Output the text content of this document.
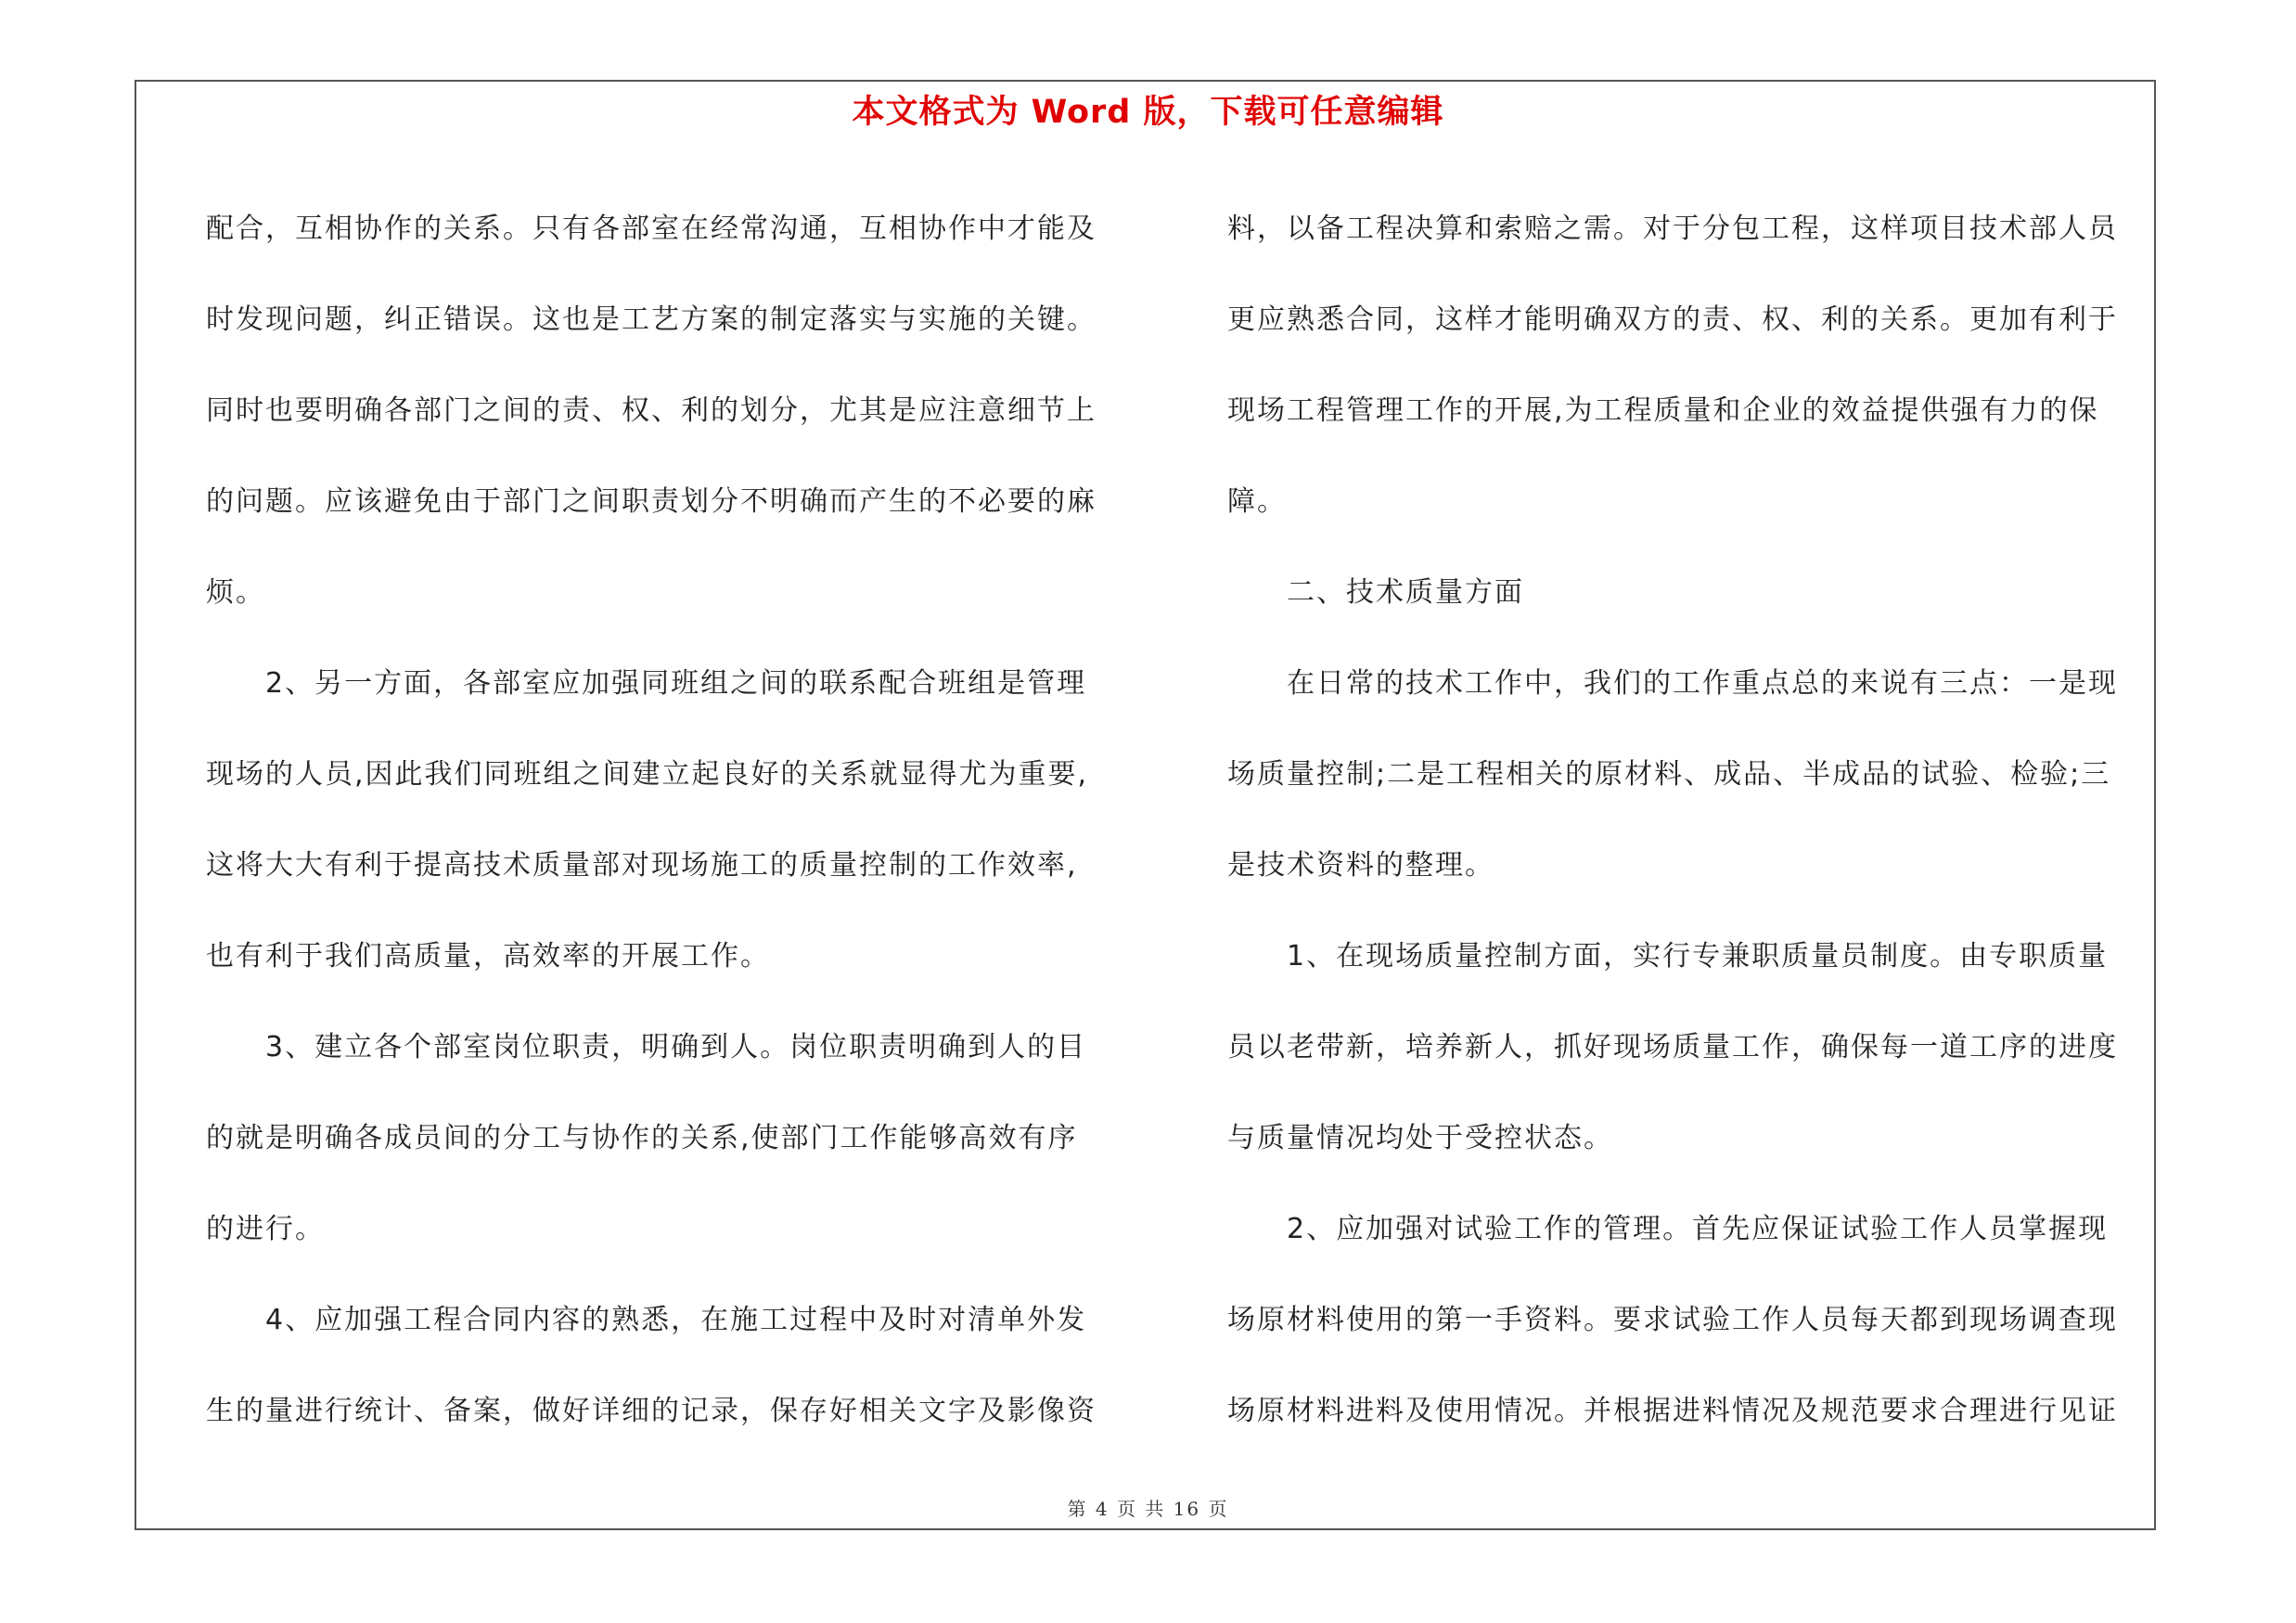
本文格式为 Word 版，下载可任意编辑
配合，互相协作的关系。只有各部室在经常沟通，互相协作中才能及
时发现问题，纠正错误。这也是工艺方案的制定落实与实施的关键。
同时也要明确各部门之间的责、权、利的划分，尤其是应注意细节上
的问题。应该避免由于部门之间职责划分不明确而产生的不必要的麻
烦。
　　2、另一方面，各部室应加强同班组之间的联系配合班组是管理
现场的人员,因此我们同班组之间建立起良好的关系就显得尤为重要,
这将大大有利于提高技术质量部对现场施工的质量控制的工作效率,
也有利于我们高质量，高效率的开展工作。
　　3、建立各个部室岗位职责，明确到人。岗位职责明确到人的目
的就是明确各成员间的分工与协作的关系,使部门工作能够高效有序
的进行。
　　4、应加强工程合同内容的熟悉，在施工过程中及时对清单外发
生的量进行统计、备案，做好详细的记录，保存好相关文字及影像资
料，以备工程决算和索赔之需。对于分包工程，这样项目技术部人员
更应熟悉合同，这样才能明确双方的责、权、利的关系。更加有利于
现场工程管理工作的开展,为工程质量和企业的效益提供强有力的保
障。
　　二、技术质量方面
　　在日常的技术工作中，我们的工作重点总的来说有三点：一是现
场质量控制;二是工程相关的原材料、成品、半成品的试验、检验;三
是技术资料的整理。
　　1、在现场质量控制方面，实行专兼职质量员制度。由专职质量
员以老带新，培养新人，抓好现场质量工作，确保每一道工序的进度
与质量情况均处于受控状态。
　　2、应加强对试验工作的管理。首先应保证试验工作人员掌握现
场原材料使用的第一手资料。要求试验工作人员每天都到现场调查现
场原材料进料及使用情况。并根据进料情况及规范要求合理进行见证
第 4 页 共 16 页
